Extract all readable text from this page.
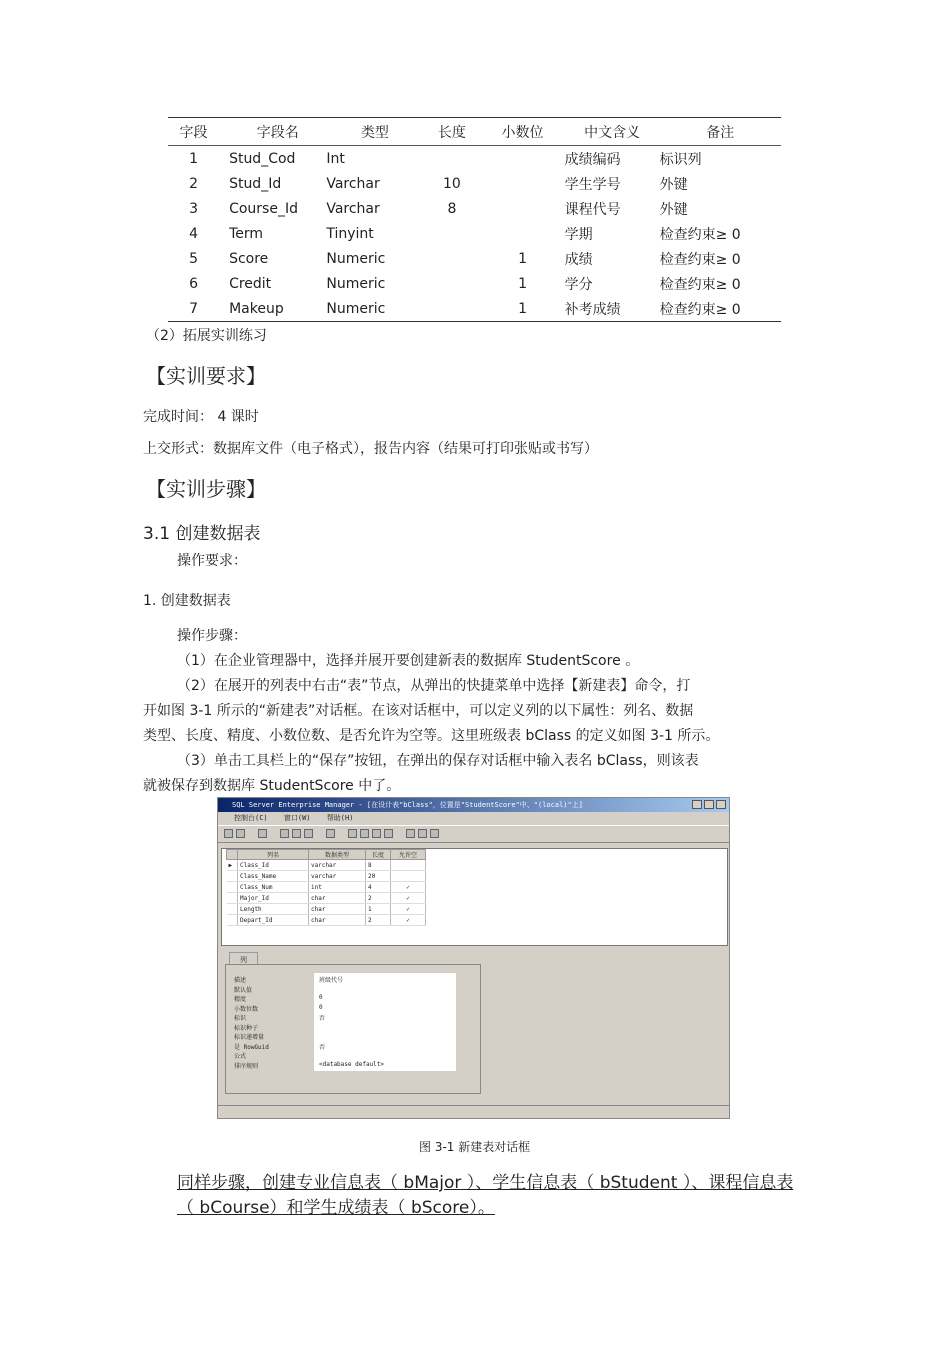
字段	字段名	类型	长度	小数位	中文含义	备注
1	Stud_Cod	Int			成绩编码	标识列
2	Stud_Id	Varchar	10		学生学号	外键
3	Course_Id	Varchar	8		课程代号	外键
4	Term	Tinyint			学期	检查约束≥ 0
5	Score	Numeric		1	成绩	检查约束≥ 0
6	Credit	Numeric		1	学分	检查约束≥ 0
7	Makeup	Numeric		1	补考成绩	检查约束≥ 0
（2）拓展实训练习
【实训要求】
完成时间： 4 课时
上交形式：数据库文件（电子格式），报告内容（结果可打印张贴或书写）
【实训步骤】
3.1 创建数据表
操作要求：
1. 创建数据表
操作步骤：
（1）在企业管理器中，选择并展开要创建新表的数据库 StudentScore 。
（2）在展开的列表中右击“表”节点，从弹出的快捷菜单中选择【新建表】命令，打
开如图 3-1 所示的“新建表”对话框。在该对话框中，可以定义列的以下属性：列名、数据
类型、长度、精度、小数位数、是否允许为空等。这里班级表 bClass 的定义如图 3-1 所示。
（3）单击工具栏上的“保存”按钮，在弹出的保存对话框中输入表名 bClass，则该表
就被保存到数据库 StudentScore 中了。
SQL Server Enterprise Manager - [在设计表"bClass"，位置是"StudentScore"中、"(local)"上]
控制台(C) 窗口(W) 帮助(H)
	列名	数据类型	长度	允许空
▶	Class_Id	varchar	8	
	Class_Name	varchar	20	
	Class_Num	int	4	✓
	Major_Id	char	2	✓
	Length	char	1	✓
	Depart_Id	char	2	✓
列
描述	班级代号
默认值
精度	0
小数位数	0
标识	否
标识种子
标识递增量
是 RowGuid	否
公式
排序规则	<database default>
图 3-1 新建表对话框
同样步骤，创建专业信息表（ bMajor ）、学生信息表（ bStudent ）、课程信息表（ bCourse）和学生成绩表（ bScore）。
